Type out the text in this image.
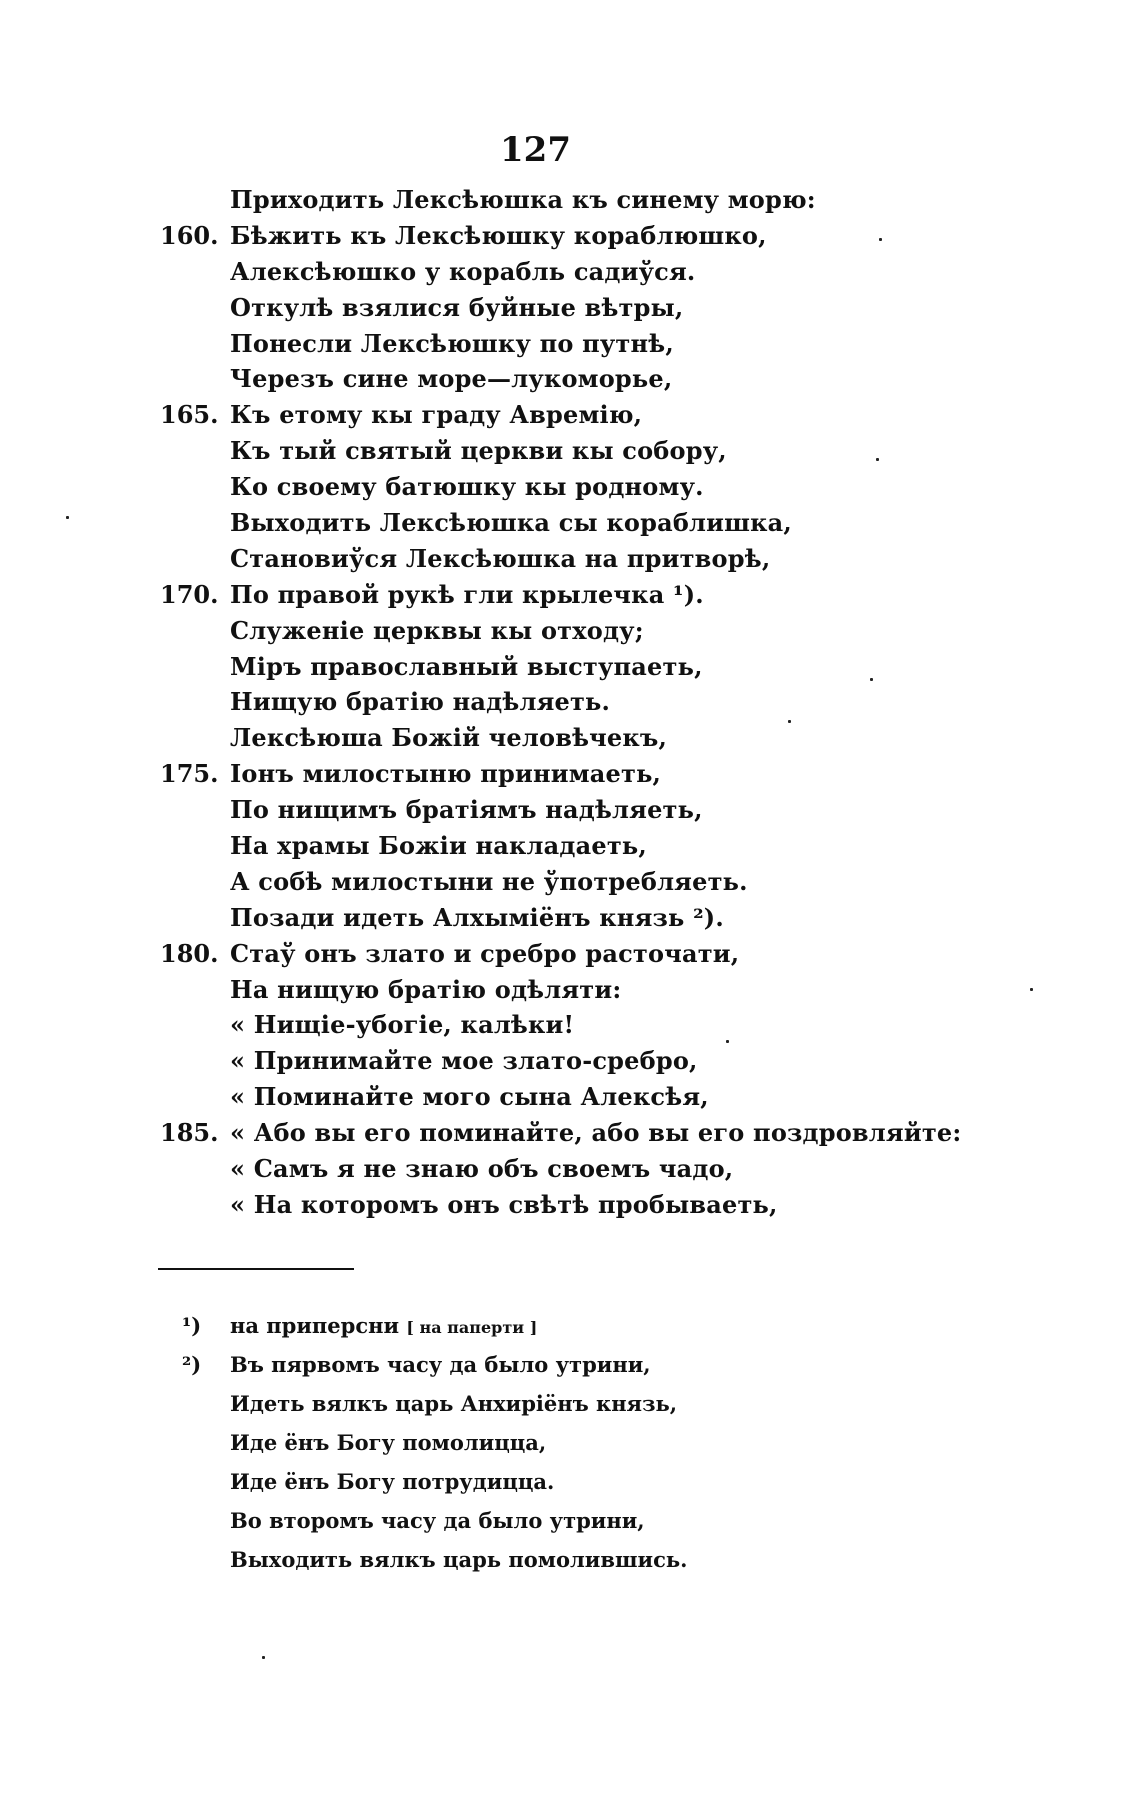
127
Приходить Лексѣюшка къ синему морю:
160. Бѣжить къ Лексѣюшку кораблюшко,
Алексѣюшко у корабль садиўся.
Откулѣ взялися буйные вѣтры,
Понесли Лексѣюшку по путнѣ,
Черезъ сине море—лукоморье,
165. Къ етому кы граду Авремію,
Къ тый святый церкви кы собору,
Ко своему батюшку кы родному.
Выходить Лексѣюшка сы кораблишка,
Становиўся Лексѣюшка на притворѣ,
170. По правой рукѣ гли крылечка ¹).
Служеніе церквы кы отходу;
Міръ православный выступаеть,
Нищую братію надѣляеть.
Лексѣюша Божій человѣчекъ,
175. Іонъ милостыню принимаеть,
По нищимъ братіямъ надѣляеть,
На храмы Божіи накладаеть,
А собѣ милостыни не ўпотребляеть.
Позади идеть Алхыміёнъ князь ²).
180. Стаў онъ злато и сребро расточати,
На нищую братію одѣляти:
« Нищіе-убогіе, калѣки!
« Принимайте мое злато-сребро,
« Поминайте мого сына Алексѣя,
185. « Або вы его поминайте, або вы его поздровляйте:
« Самъ я не знаю объ своемъ чадо,
« На которомъ онъ свѣтѣ пробываеть,
¹) на приперсни [ на паперти ]
²) Въ пярвомъ часу да было утрини,
Идеть вялкъ царь Анхиріёнъ князь,
Иде ёнъ Богу помолицца,
Иде ёнъ Богу потрудицца.
Во второмъ часу да было утрини,
Выходить вялкъ царь помолившись.
